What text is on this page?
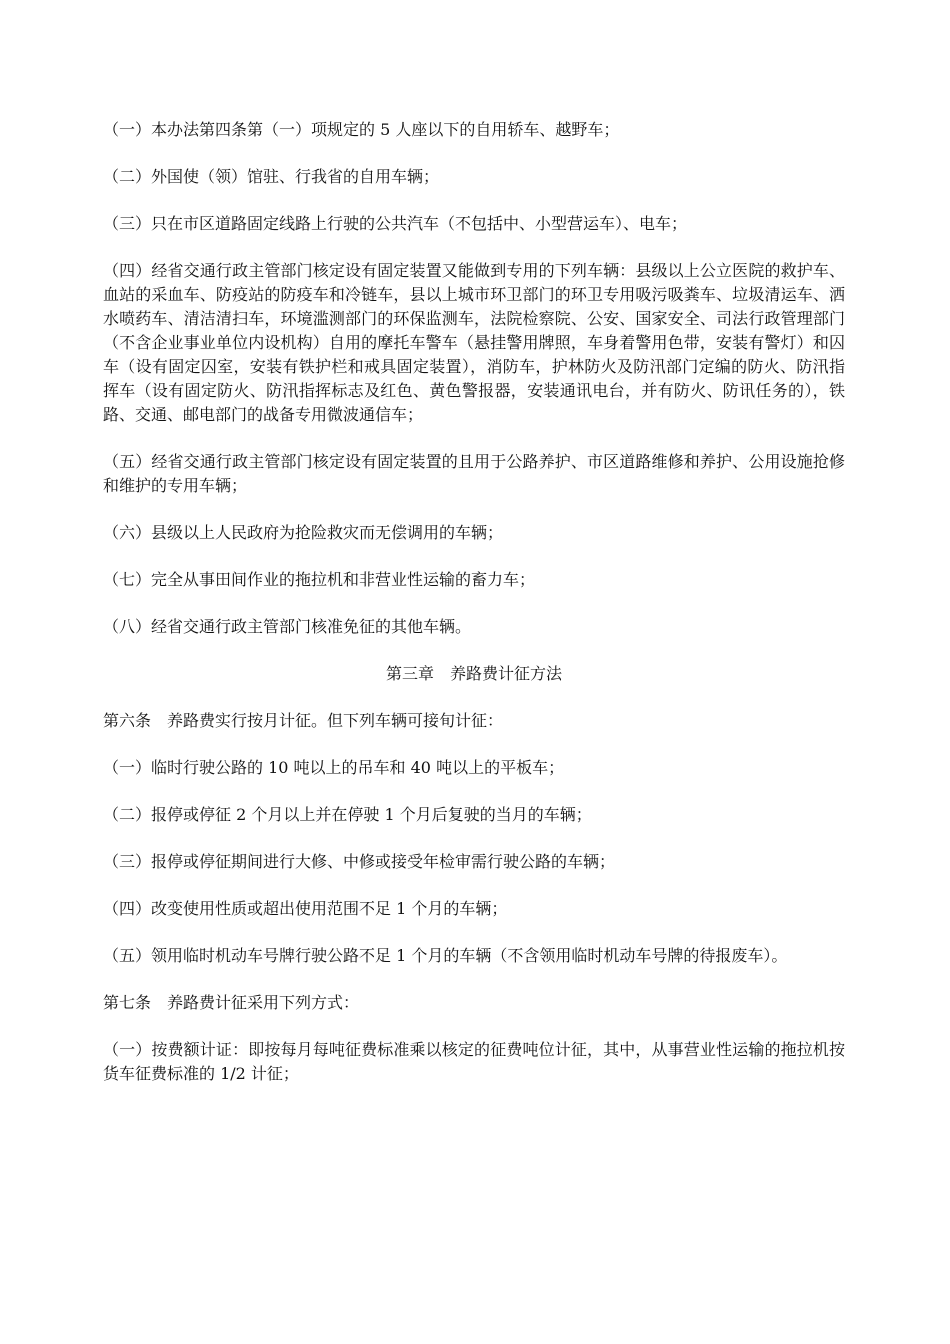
（一）本办法第四条第（一）项规定的 5 人座以下的自用轿车、越野车；

（二）外国使（领）馆驻、行我省的自用车辆；

（三）只在市区道路固定线路上行驶的公共汽车（不包括中、小型营运车）、电车；

（四）经省交通行政主管部门核定设有固定装置又能做到专用的下列车辆：县级以上公立医院的救护车、血站的采血车、防疫站的防疫车和冷链车，县以上城市环卫部门的环卫专用吸污吸粪车、垃圾清运车、洒水喷药车、清洁清扫车，环境滥测部门的环保监测车，法院检察院、公安、国家安全、司法行政管理部门（不含企业事业单位内设机构）自用的摩托车警车（悬挂警用牌照，车身着警用色带，安装有警灯）和囚车（设有固定囚室，安装有铁护栏和戒具固定装置），消防车，护林防火及防汛部门定编的防火、防汛指挥车（设有固定防火、防汛指挥标志及红色、黄色警报器，安装通讯电台，并有防火、防讯任务的），铁路、交通、邮电部门的战备专用微波通信车；

（五）经省交通行政主管部门核定设有固定装置的且用于公路养护、市区道路维修和养护、公用设施抢修和维护的专用车辆；

（六）县级以上人民政府为抢险救灾而无偿调用的车辆；

（七）完全从事田间作业的拖拉机和非营业性运输的畜力车；

（八）经省交通行政主管部门核准免征的其他车辆。

第三章　养路费计征方法

第六条　养路费实行按月计征。但下列车辆可接旬计征：

（一）临时行驶公路的 10 吨以上的吊车和 40 吨以上的平板车；

（二）报停或停征 2 个月以上并在停驶 1 个月后复驶的当月的车辆；

（三）报停或停征期间进行大修、中修或接受年检审需行驶公路的车辆；

（四）改变使用性质或超出使用范围不足 1 个月的车辆；

（五）领用临时机动车号牌行驶公路不足 1 个月的车辆（不含领用临时机动车号牌的待报废车）。

第七条　养路费计征采用下列方式：

（一）按费额计证：即按每月每吨征费标准乘以核定的征费吨位计征，其中，从事营业性运输的拖拉机按货车征费标准的 1/2 计征；
